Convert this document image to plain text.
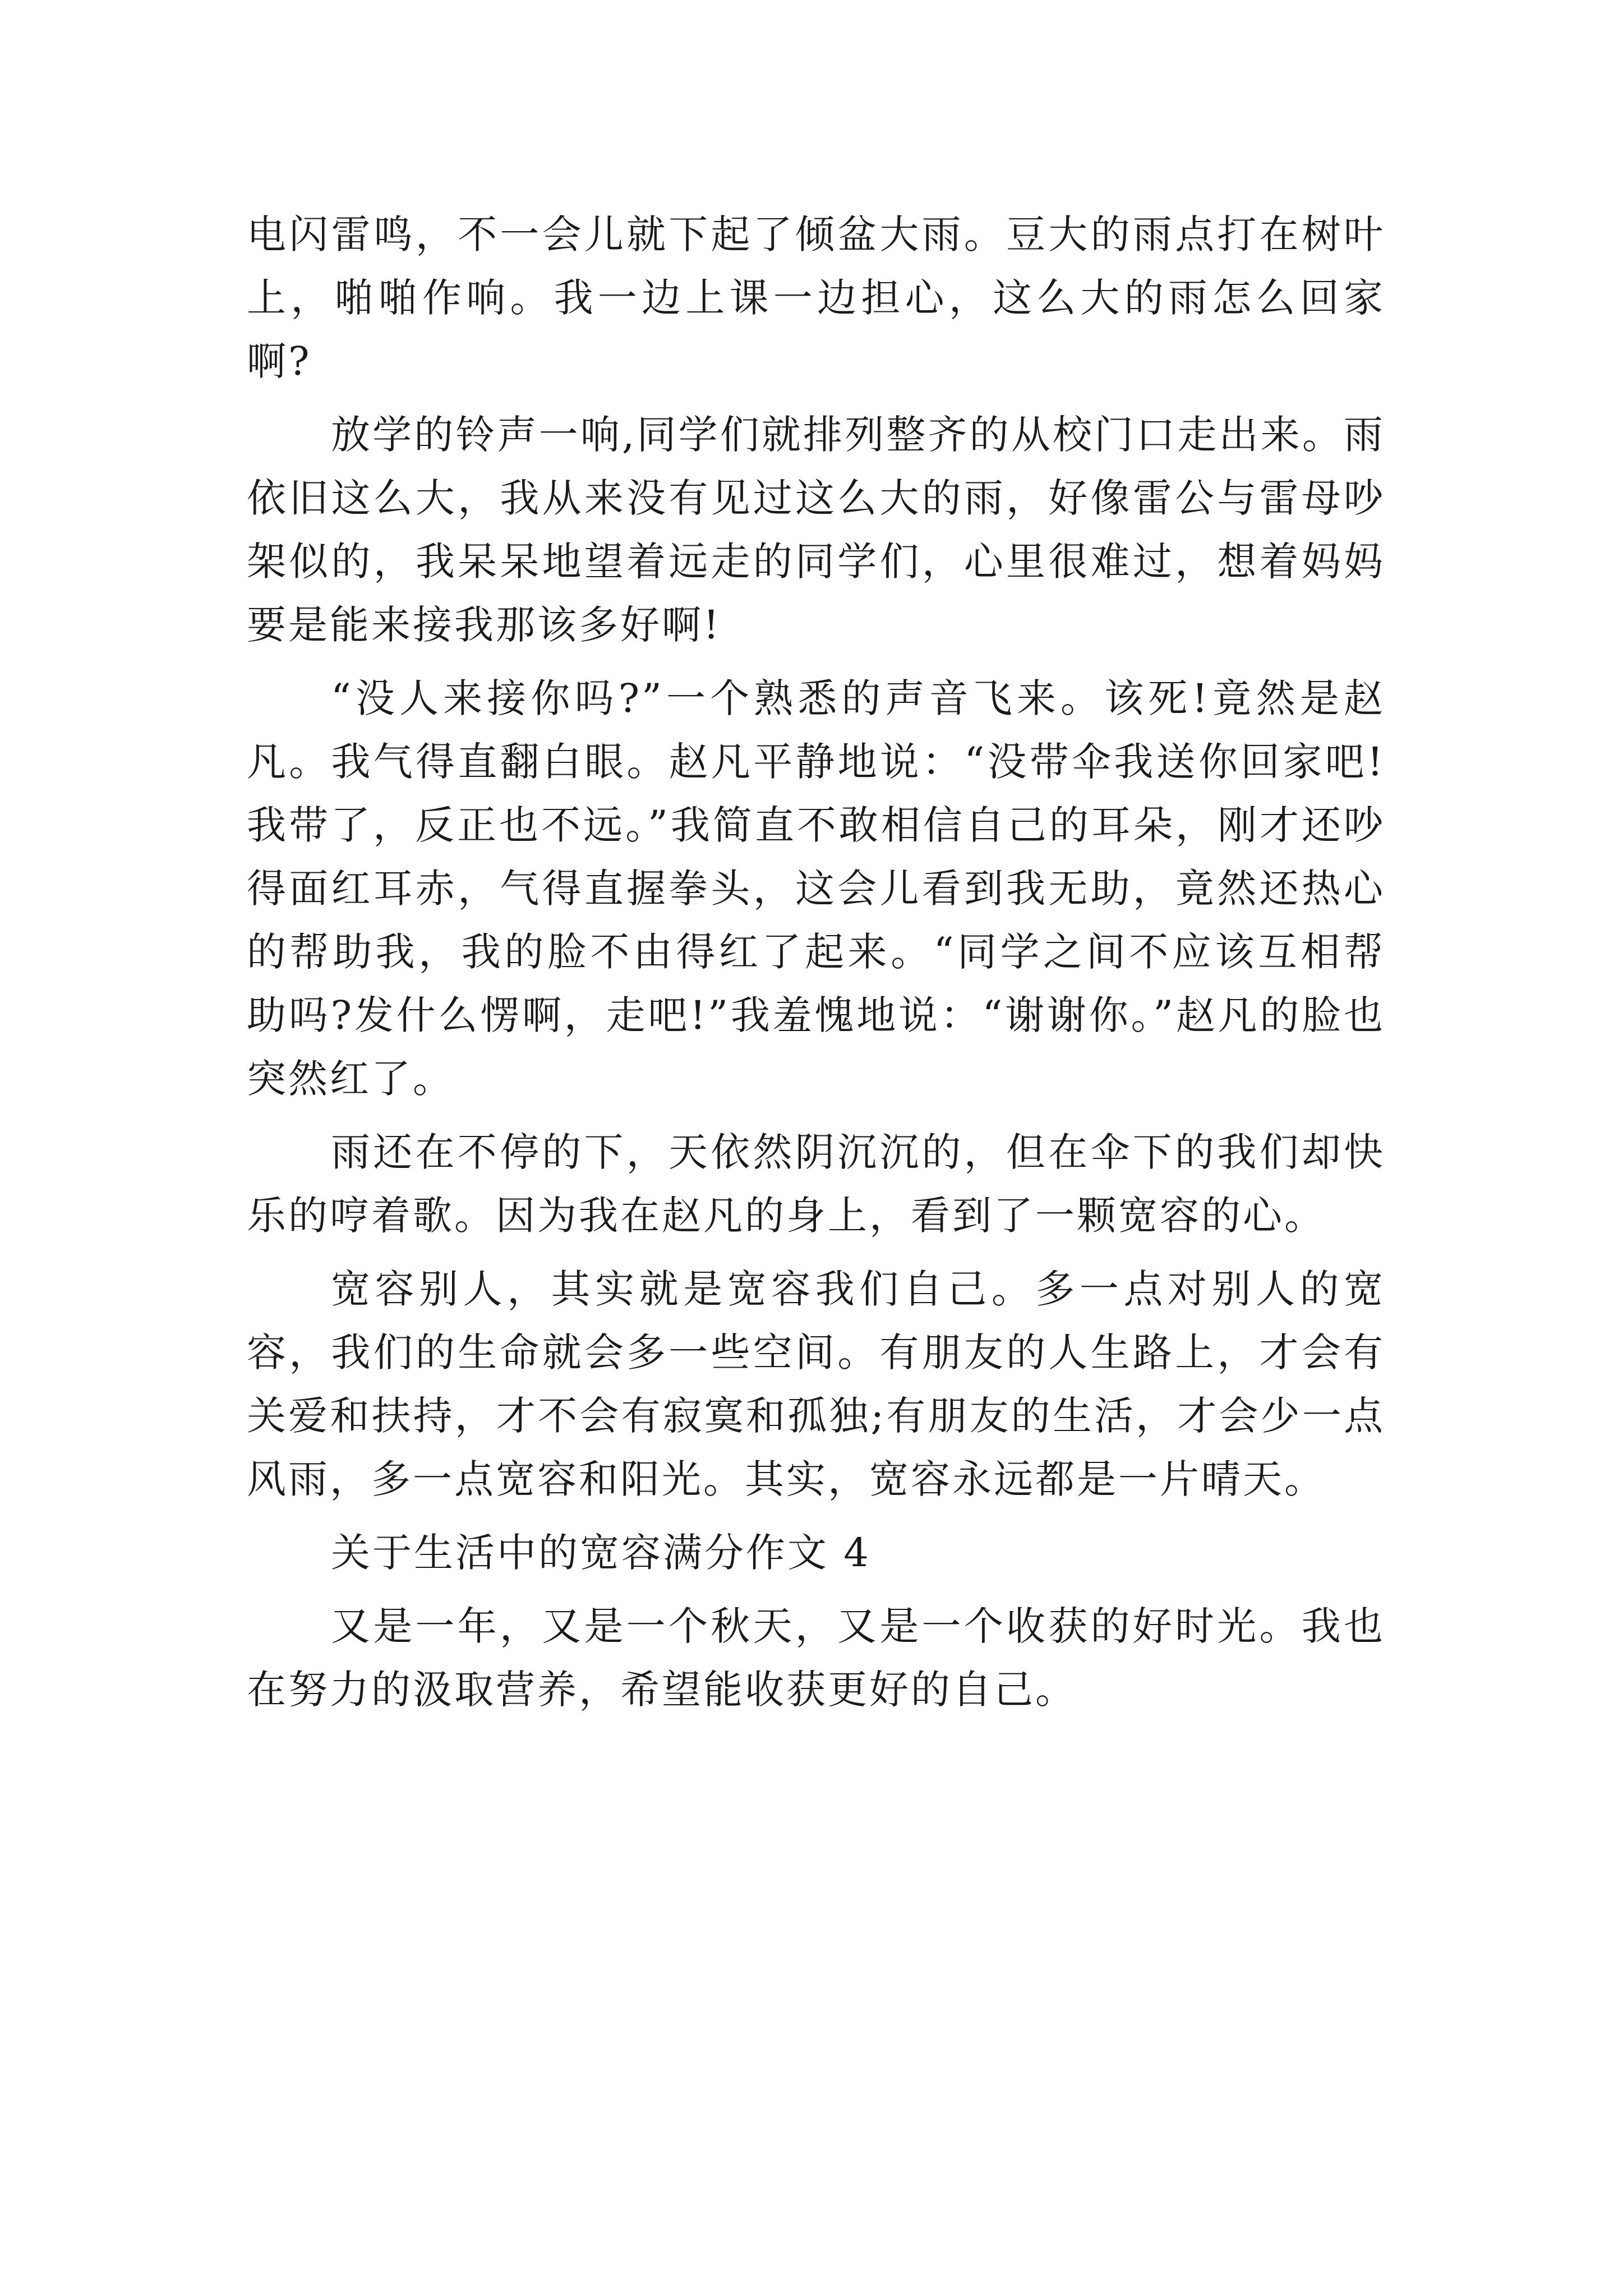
电闪雷鸣，不一会儿就下起了倾盆大雨。豆大的雨点打在树叶上，啪啪作响。我一边上课一边担心，这么大的雨怎么回家啊?

放学的铃声一响,同学们就排列整齐的从校门口走出来。雨依旧这么大，我从来没有见过这么大的雨，好像雷公与雷母吵架似的，我呆呆地望着远走的同学们，心里很难过，想着妈妈要是能来接我那该多好啊!

“没人来接你吗?”一个熟悉的声音飞来。该死!竟然是赵凡。我气得直翻白眼。赵凡平静地说：“没带伞我送你回家吧!我带了，反正也不远。”我简直不敢相信自己的耳朵，刚才还吵得面红耳赤，气得直握拳头，这会儿看到我无助，竟然还热心的帮助我，我的脸不由得红了起来。“同学之间不应该互相帮助吗?发什么愣啊，走吧!”我羞愧地说：“谢谢你。”赵凡的脸也突然红了。

雨还在不停的下，天依然阴沉沉的，但在伞下的我们却快乐的哼着歌。因为我在赵凡的身上，看到了一颗宽容的心。

宽容别人，其实就是宽容我们自己。多一点对别人的宽容，我们的生命就会多一些空间。有朋友的人生路上，才会有关爱和扶持，才不会有寂寞和孤独;有朋友的生活，才会少一点风雨，多一点宽容和阳光。其实，宽容永远都是一片晴天。

关于生活中的宽容满分作文 4

又是一年，又是一个秋天，又是一个收获的好时光。我也在努力的汲取营养，希望能收获更好的自己。
